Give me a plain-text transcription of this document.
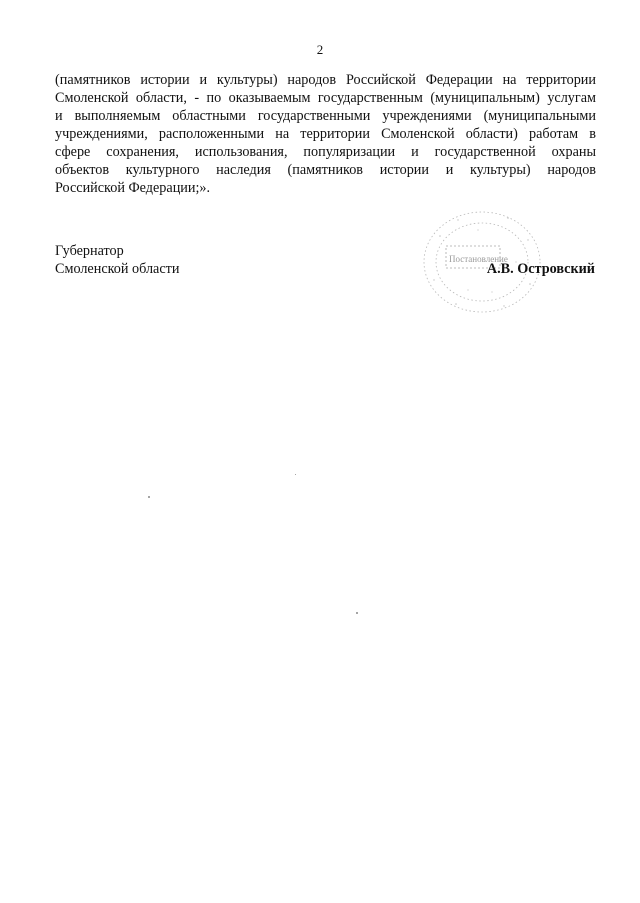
2
(памятников истории и культуры) народов Российской Федерации на территории
Смоленской области, - по оказываемым государственным (муниципальным) услугам
и выполняемым областными государственными учреждениями (муниципальными
учреждениями, расположенными на территории Смоленской области) работам в
сфере сохранения, использования, популяризации и государственной охраны
объектов культурного наследия (памятников истории и культуры) народов
Российской Федерации;».
Губернатор
Смоленской области
Постановление
А.В. Островский
